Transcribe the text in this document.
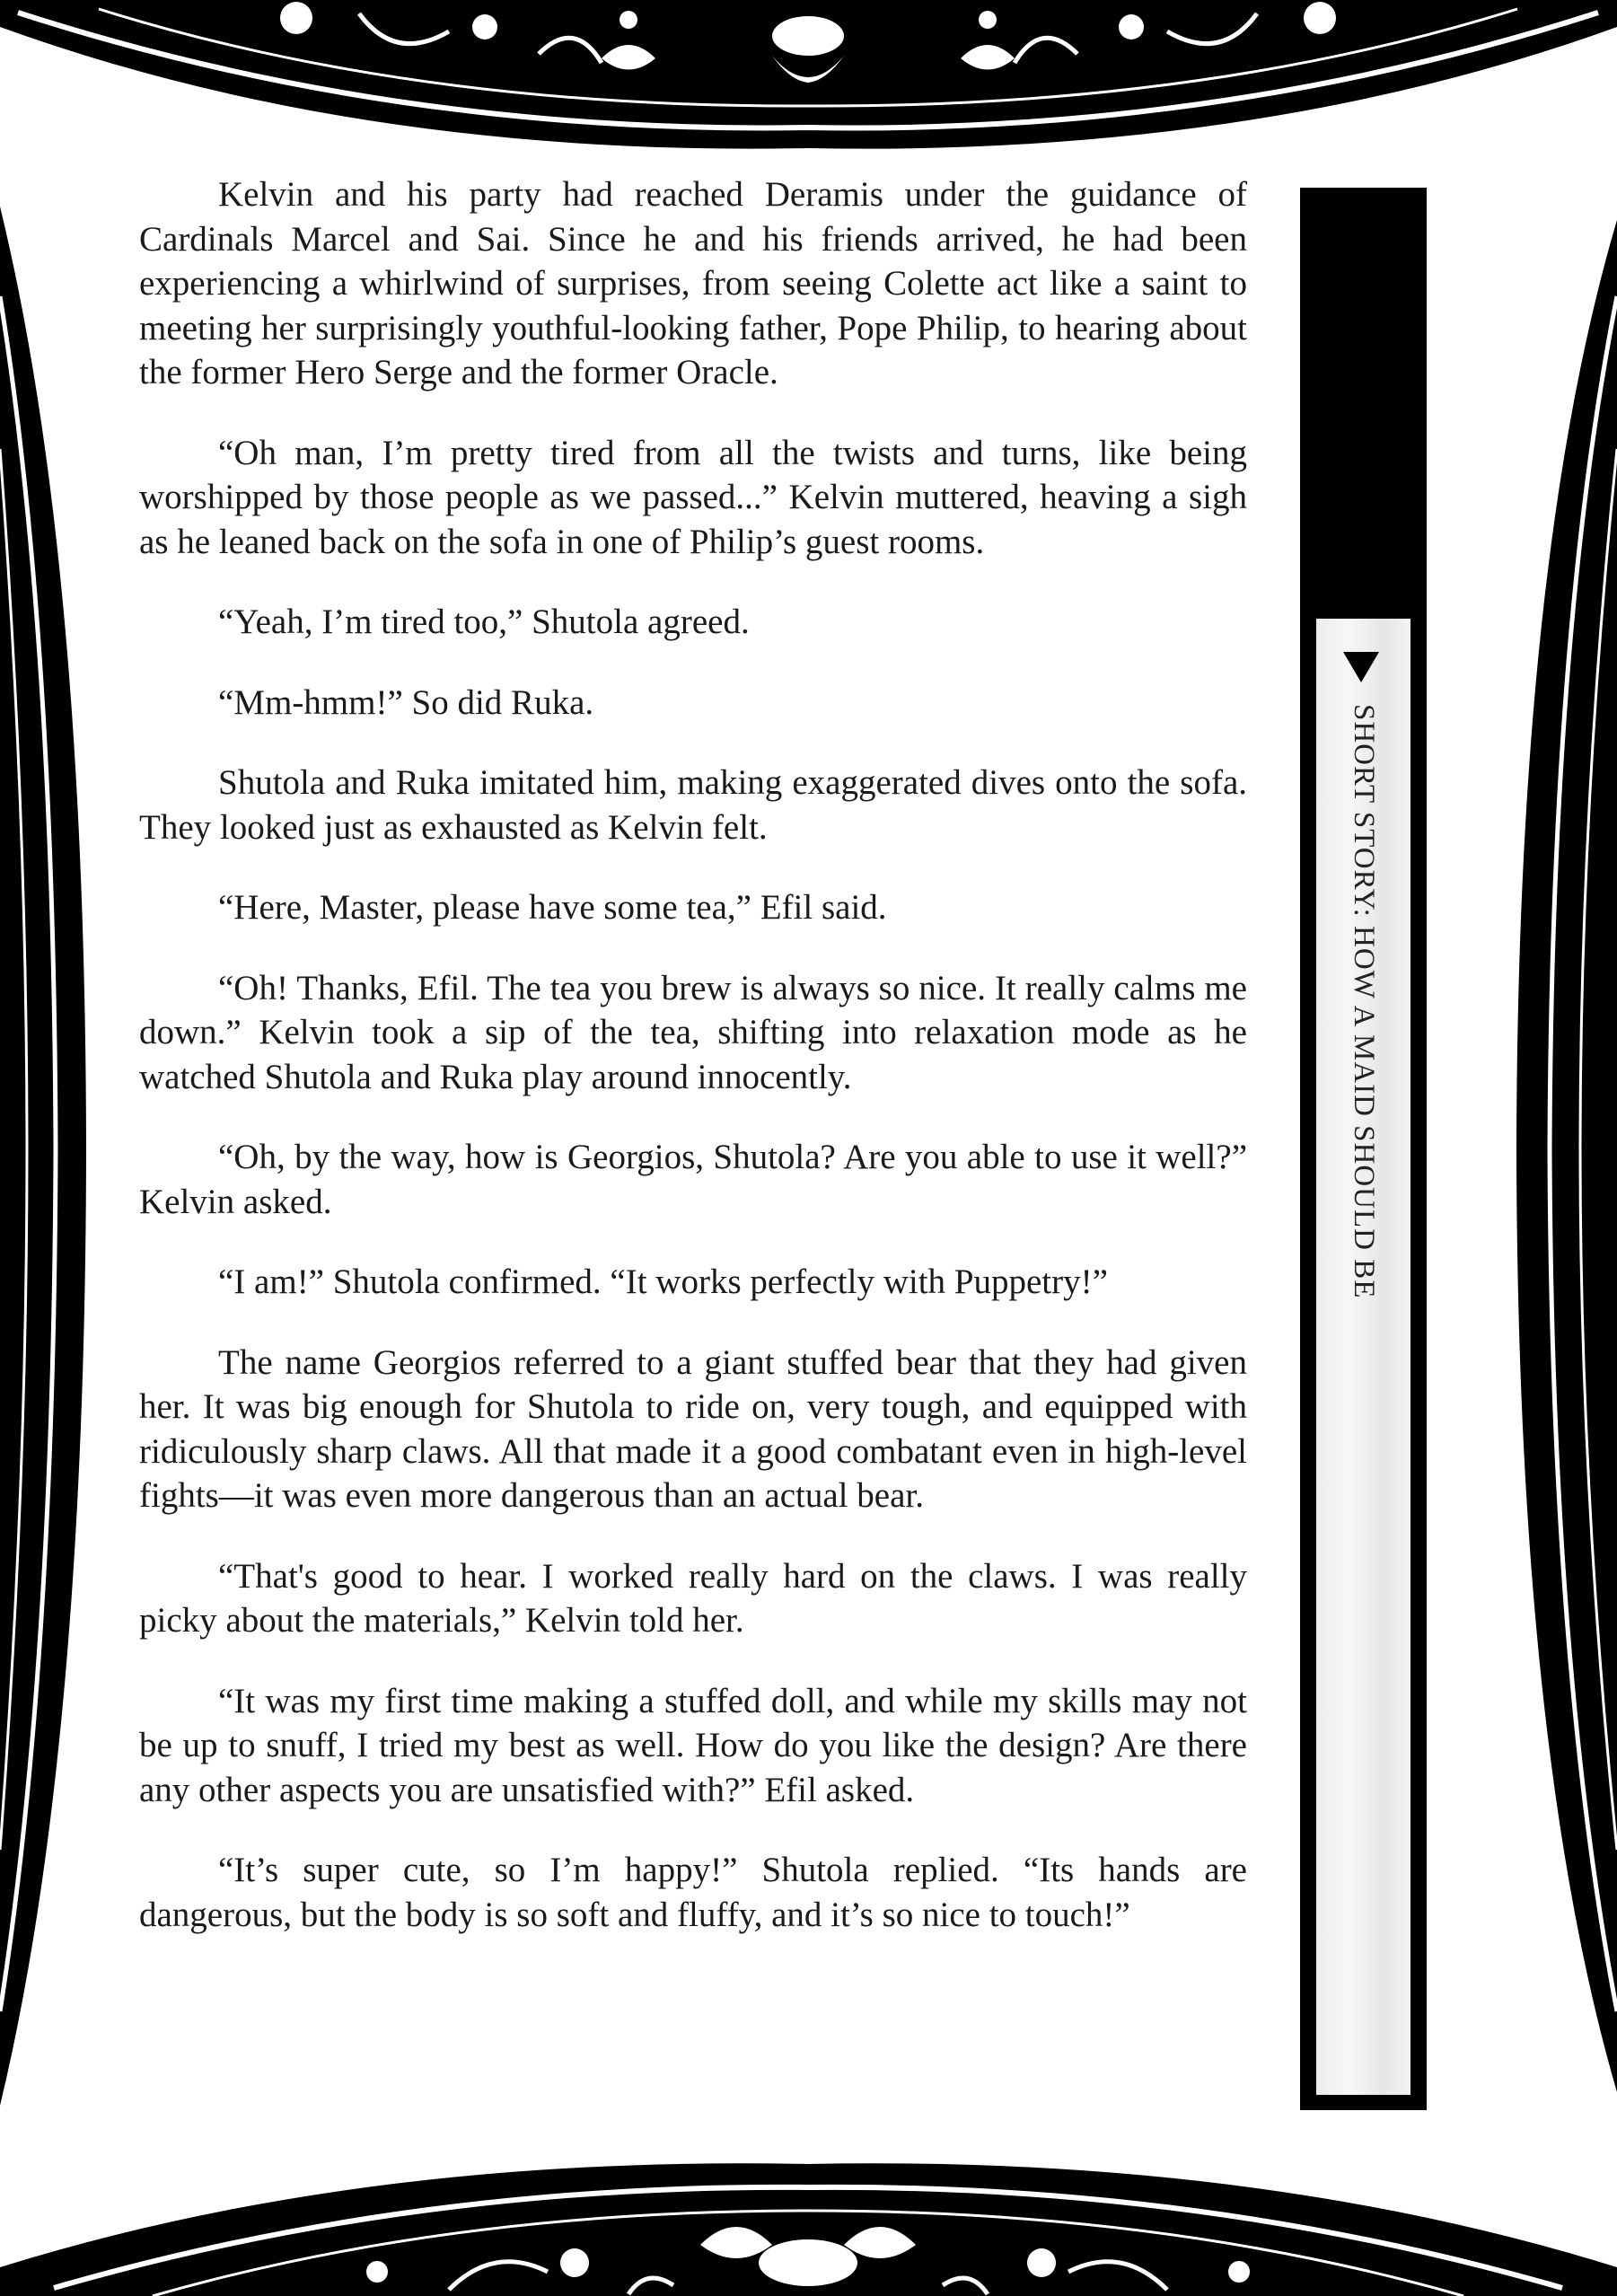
Kelvin and his party had reached Deramis under the guidance of Cardinals Marcel and Sai. Since he and his friends arrived, he had been experiencing a whirlwind of surprises, from seeing Colette act like a saint to meeting her surprisingly youthful-looking father, Pope Philip, to hearing about the former Hero Serge and the former Oracle.

“Oh man, I’m pretty tired from all the twists and turns, like being worshipped by those people as we passed...” Kelvin muttered, heaving a sigh as he leaned back on the sofa in one of Philip’s guest rooms.

“Yeah, I’m tired too,” Shutola agreed.

“Mm-hmm!” So did Ruka.

Shutola and Ruka imitated him, making exaggerated dives onto the sofa. They looked just as exhausted as Kelvin felt.

“Here, Master, please have some tea,” Efil said.

“Oh! Thanks, Efil. The tea you brew is always so nice. It really calms me down.” Kelvin took a sip of the tea, shifting into relaxation mode as he watched Shutola and Ruka play around innocently.

“Oh, by the way, how is Georgios, Shutola? Are you able to use it well?” Kelvin asked.

“I am!” Shutola confirmed. “It works perfectly with Puppetry!”

The name Georgios referred to a giant stuffed bear that they had given her. It was big enough for Shutola to ride on, very tough, and equipped with ridiculously sharp claws. All that made it a good combatant even in high-level fights—it was even more dangerous than an actual bear.

“That's good to hear. I worked really hard on the claws. I was really picky about the materials,” Kelvin told her.

“It was my first time making a stuffed doll, and while my skills may not be up to snuff, I tried my best as well. How do you like the design? Are there any other aspects you are unsatisfied with?” Efil asked.

“It’s super cute, so I’m happy!” Shutola replied. “Its hands are dangerous, but the body is so soft and fluffy, and it’s so nice to touch!”

SHORT STORY: HOW A MAID SHOULD BE
